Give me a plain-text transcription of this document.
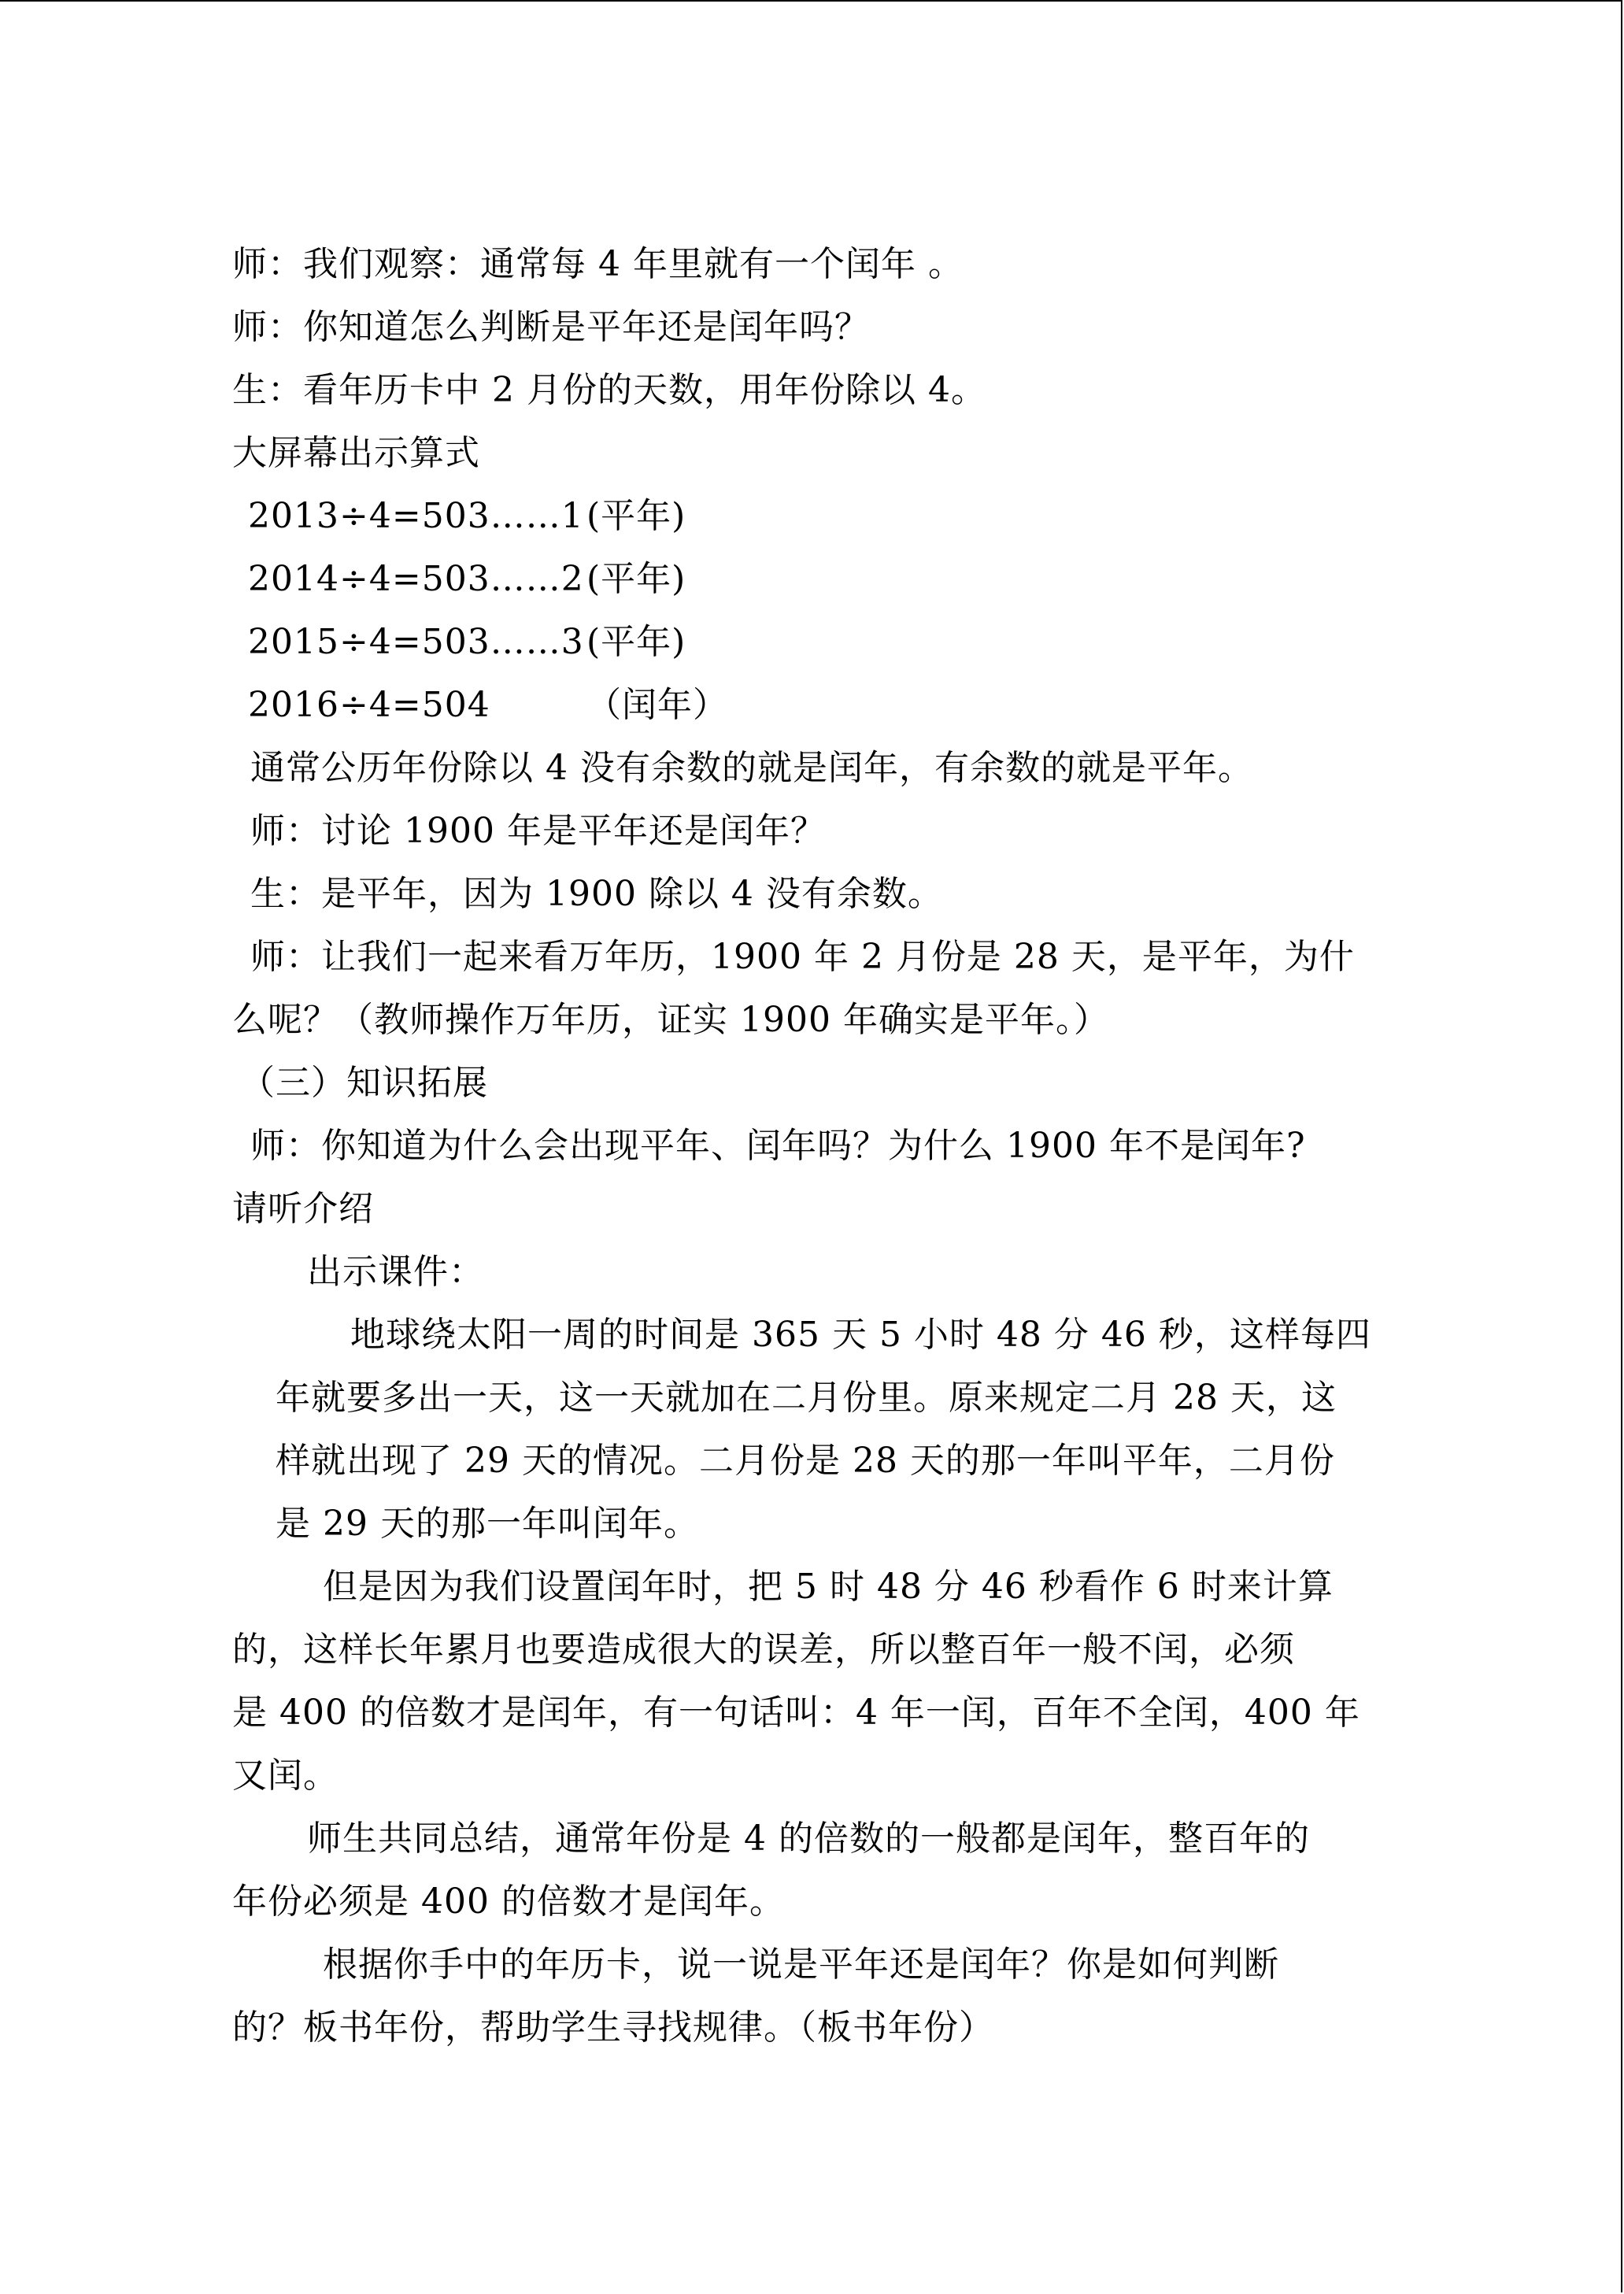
师：我们观察：通常每 4 年里就有一个闰年 。
师：你知道怎么判断是平年还是闰年吗？
生：看年历卡中 2 月份的天数，用年份除以 4。
大屏幕出示算式
2013÷4=503……1(平年)
2014÷4=503……2(平年)
2015÷4=503……3(平年)
2016÷4=504	（闰年）
通常公历年份除以 4 没有余数的就是闰年，有余数的就是平年。
师：讨论 1900 年是平年还是闰年？
生：是平年，因为 1900 除以 4 没有余数。
师：让我们一起来看万年历，1900 年 2 月份是 28 天，是平年，为什
么呢？（教师操作万年历，证实 1900 年确实是平年。）
（三）知识拓展
师：你知道为什么会出现平年、闰年吗？为什么 1900 年不是闰年?
请听介绍
出示课件：
地球绕太阳一周的时间是 365 天 5 小时 48 分 46 秒，这样每四
年就要多出一天，这一天就加在二月份里。原来规定二月 28 天，这
样就出现了 29 天的情况。二月份是 28 天的那一年叫平年，二月份
是 29 天的那一年叫闰年。
但是因为我们设置闰年时，把 5 时 48 分 46 秒看作 6 时来计算
的，这样长年累月也要造成很大的误差，所以整百年一般不闰，必须
是 400 的倍数才是闰年，有一句话叫：4 年一闰，百年不全闰，400 年
又闰。
师生共同总结，通常年份是 4 的倍数的一般都是闰年，整百年的
年份必须是 400 的倍数才是闰年。
根据你手中的年历卡，说一说是平年还是闰年？你是如何判断
的？板书年份，帮助学生寻找规律。（板书年份）
